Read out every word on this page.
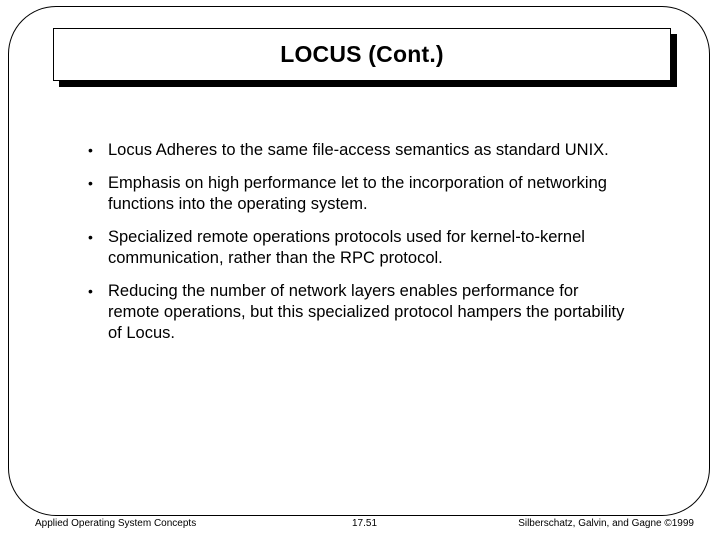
LOCUS (Cont.)
• Locus Adheres to the same file-access semantics as standard UNIX.
• Emphasis on high performance let to the incorporation of networking functions into the operating system.
• Specialized remote operations protocols used for kernel-to-kernel communication, rather than the RPC protocol.
• Reducing the number of network layers enables performance for remote operations, but this specialized protocol hampers the portability of Locus.
Applied Operating System Concepts	17.51	Silberschatz, Galvin, and Gagne ©1999
